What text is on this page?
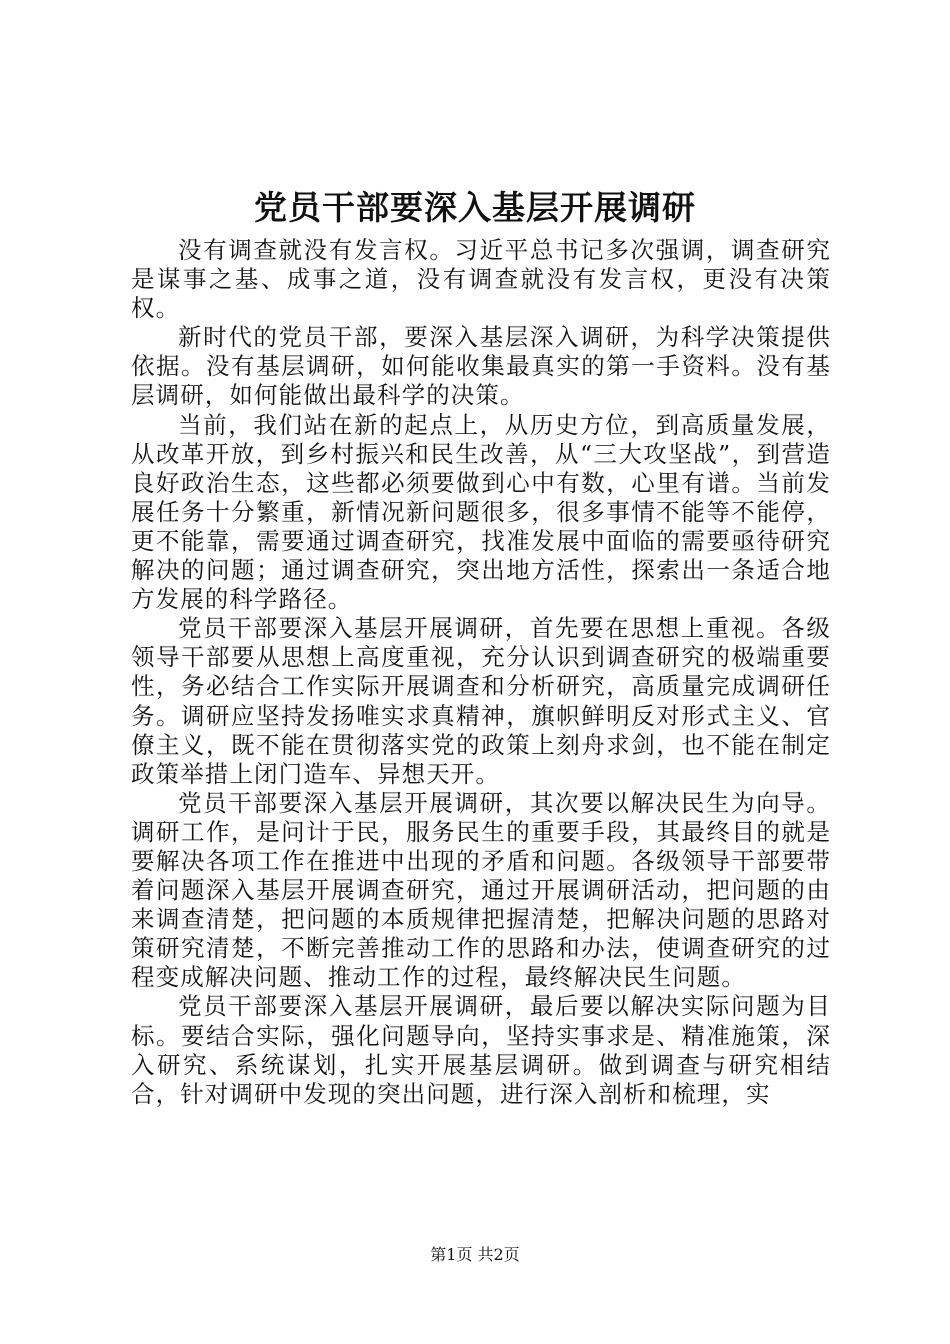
党员干部要深入基层开展调研

没有调查就没有发言权。习近平总书记多次强调，调查研究是谋事之基、成事之道，没有调查就没有发言权，更没有决策权。

新时代的党员干部，要深入基层深入调研，为科学决策提供依据。没有基层调研，如何能收集最真实的第一手资料。没有基层调研，如何能做出最科学的决策。

当前，我们站在新的起点上，从历史方位，到高质量发展，从改革开放，到乡村振兴和民生改善，从“三大攻坚战”，到营造良好政治生态，这些都必须要做到心中有数，心里有谱。当前发展任务十分繁重，新情况新问题很多，很多事情不能等不能停，更不能靠，需要通过调查研究，找准发展中面临的需要亟待研究解决的问题；通过调查研究，突出地方活性，探索出一条适合地方发展的科学路径。

党员干部要深入基层开展调研，首先要在思想上重视。各级领导干部要从思想上高度重视，充分认识到调查研究的极端重要性，务必结合工作实际开展调查和分析研究，高质量完成调研任务。调研应坚持发扬唯实求真精神，旗帜鲜明反对形式主义、官僚主义，既不能在贯彻落实党的政策上刻舟求剑，也不能在制定政策举措上闭门造车、异想天开。

党员干部要深入基层开展调研，其次要以解决民生为向导。调研工作，是问计于民，服务民生的重要手段，其最终目的就是要解决各项工作在推进中出现的矛盾和问题。各级领导干部要带着问题深入基层开展调查研究，通过开展调研活动，把问题的由来调查清楚，把问题的本质规律把握清楚，把解决问题的思路对策研究清楚，不断完善推动工作的思路和办法，使调查研究的过程变成解决问题、推动工作的过程，最终解决民生问题。

党员干部要深入基层开展调研，最后要以解决实际问题为目标。要结合实际，强化问题导向，坚持实事求是、精准施策，深入研究、系统谋划，扎实开展基层调研。做到调查与研究相结合，针对调研中发现的突出问题，进行深入剖析和梳理，实

第1页 共2页
